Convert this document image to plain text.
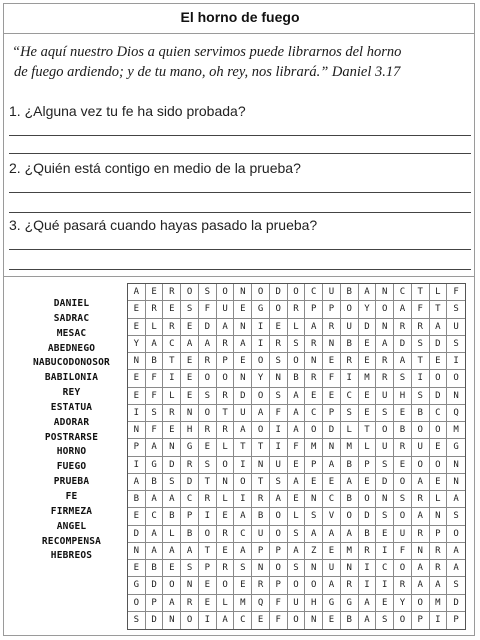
El horno de fuego
“He aquí nuestro Dios a quien servimos puede librarnos del horno
de fuego ardiendo; y de tu mano, oh rey, nos librará.” Daniel 3.17
1. ¿Alguna vez tu fe ha sido probada?
2. ¿Quién está contigo en medio de la prueba?
3. ¿Qué pasará cuando hayas pasado la prueba?
DANIEL
SADRAC
MESAC
ABEDNEGO
NABUCODONOSOR
BABILONIA
REY
ESTATUA
ADORAR
POSTRARSE
HORNO
FUEGO
PRUEBA
FE
FIRMEZA
ANGEL
RECOMPENSA
HEBREOS
A	E	R	O	S	O	N	O	D	O	C	U	B	A	N	C	T	L	F
E	R	E	S	F	U	E	G	O	R	P	P	O	Y	O	A	F	T	S
E	L	R	E	D	A	N	I	E	L	A	R	U	D	N	R	R	A	U
Y	A	C	A	A	R	A	I	R	S	R	N	B	E	A	D	S	D	S
N	B	T	E	R	P	E	O	S	O	N	E	R	E	R	A	T	E	I
E	F	I	E	O	O	N	Y	N	B	R	F	I	M	R	S	I	O	O
E	F	L	E	S	R	D	O	S	A	E	E	C	E	U	H	S	D	N
I	S	R	N	O	T	U	A	F	A	C	P	S	E	S	E	B	C	Q
N	F	E	H	R	R	A	O	I	A	O	D	L	T	O	B	O	O	M
P	A	N	G	E	L	T	T	I	F	M	N	M	L	U	R	U	E	G
I	G	D	R	S	O	I	N	U	E	P	A	B	P	S	E	O	O	N
A	B	S	D	T	N	O	T	S	A	E	E	A	E	D	O	A	E	N
B	A	A	C	R	L	I	R	A	E	N	C	B	O	N	S	R	L	A
E	C	B	P	I	E	A	B	O	L	S	V	O	D	S	O	A	N	S
D	A	L	B	O	R	C	U	O	S	A	A	A	B	E	U	R	P	O
N	A	A	A	T	E	A	P	P	A	Z	E	M	R	I	F	N	R	A
E	B	E	S	P	R	S	N	O	S	N	U	N	I	C	O	A	R	A
G	D	O	N	E	O	E	R	P	O	O	A	R	I	I	R	A	A	S
O	P	A	R	E	L	M	Q	F	U	H	G	G	A	E	Y	O	M	D
S	D	N	O	I	A	C	E	F	O	N	E	B	A	S	O	P	I	P
